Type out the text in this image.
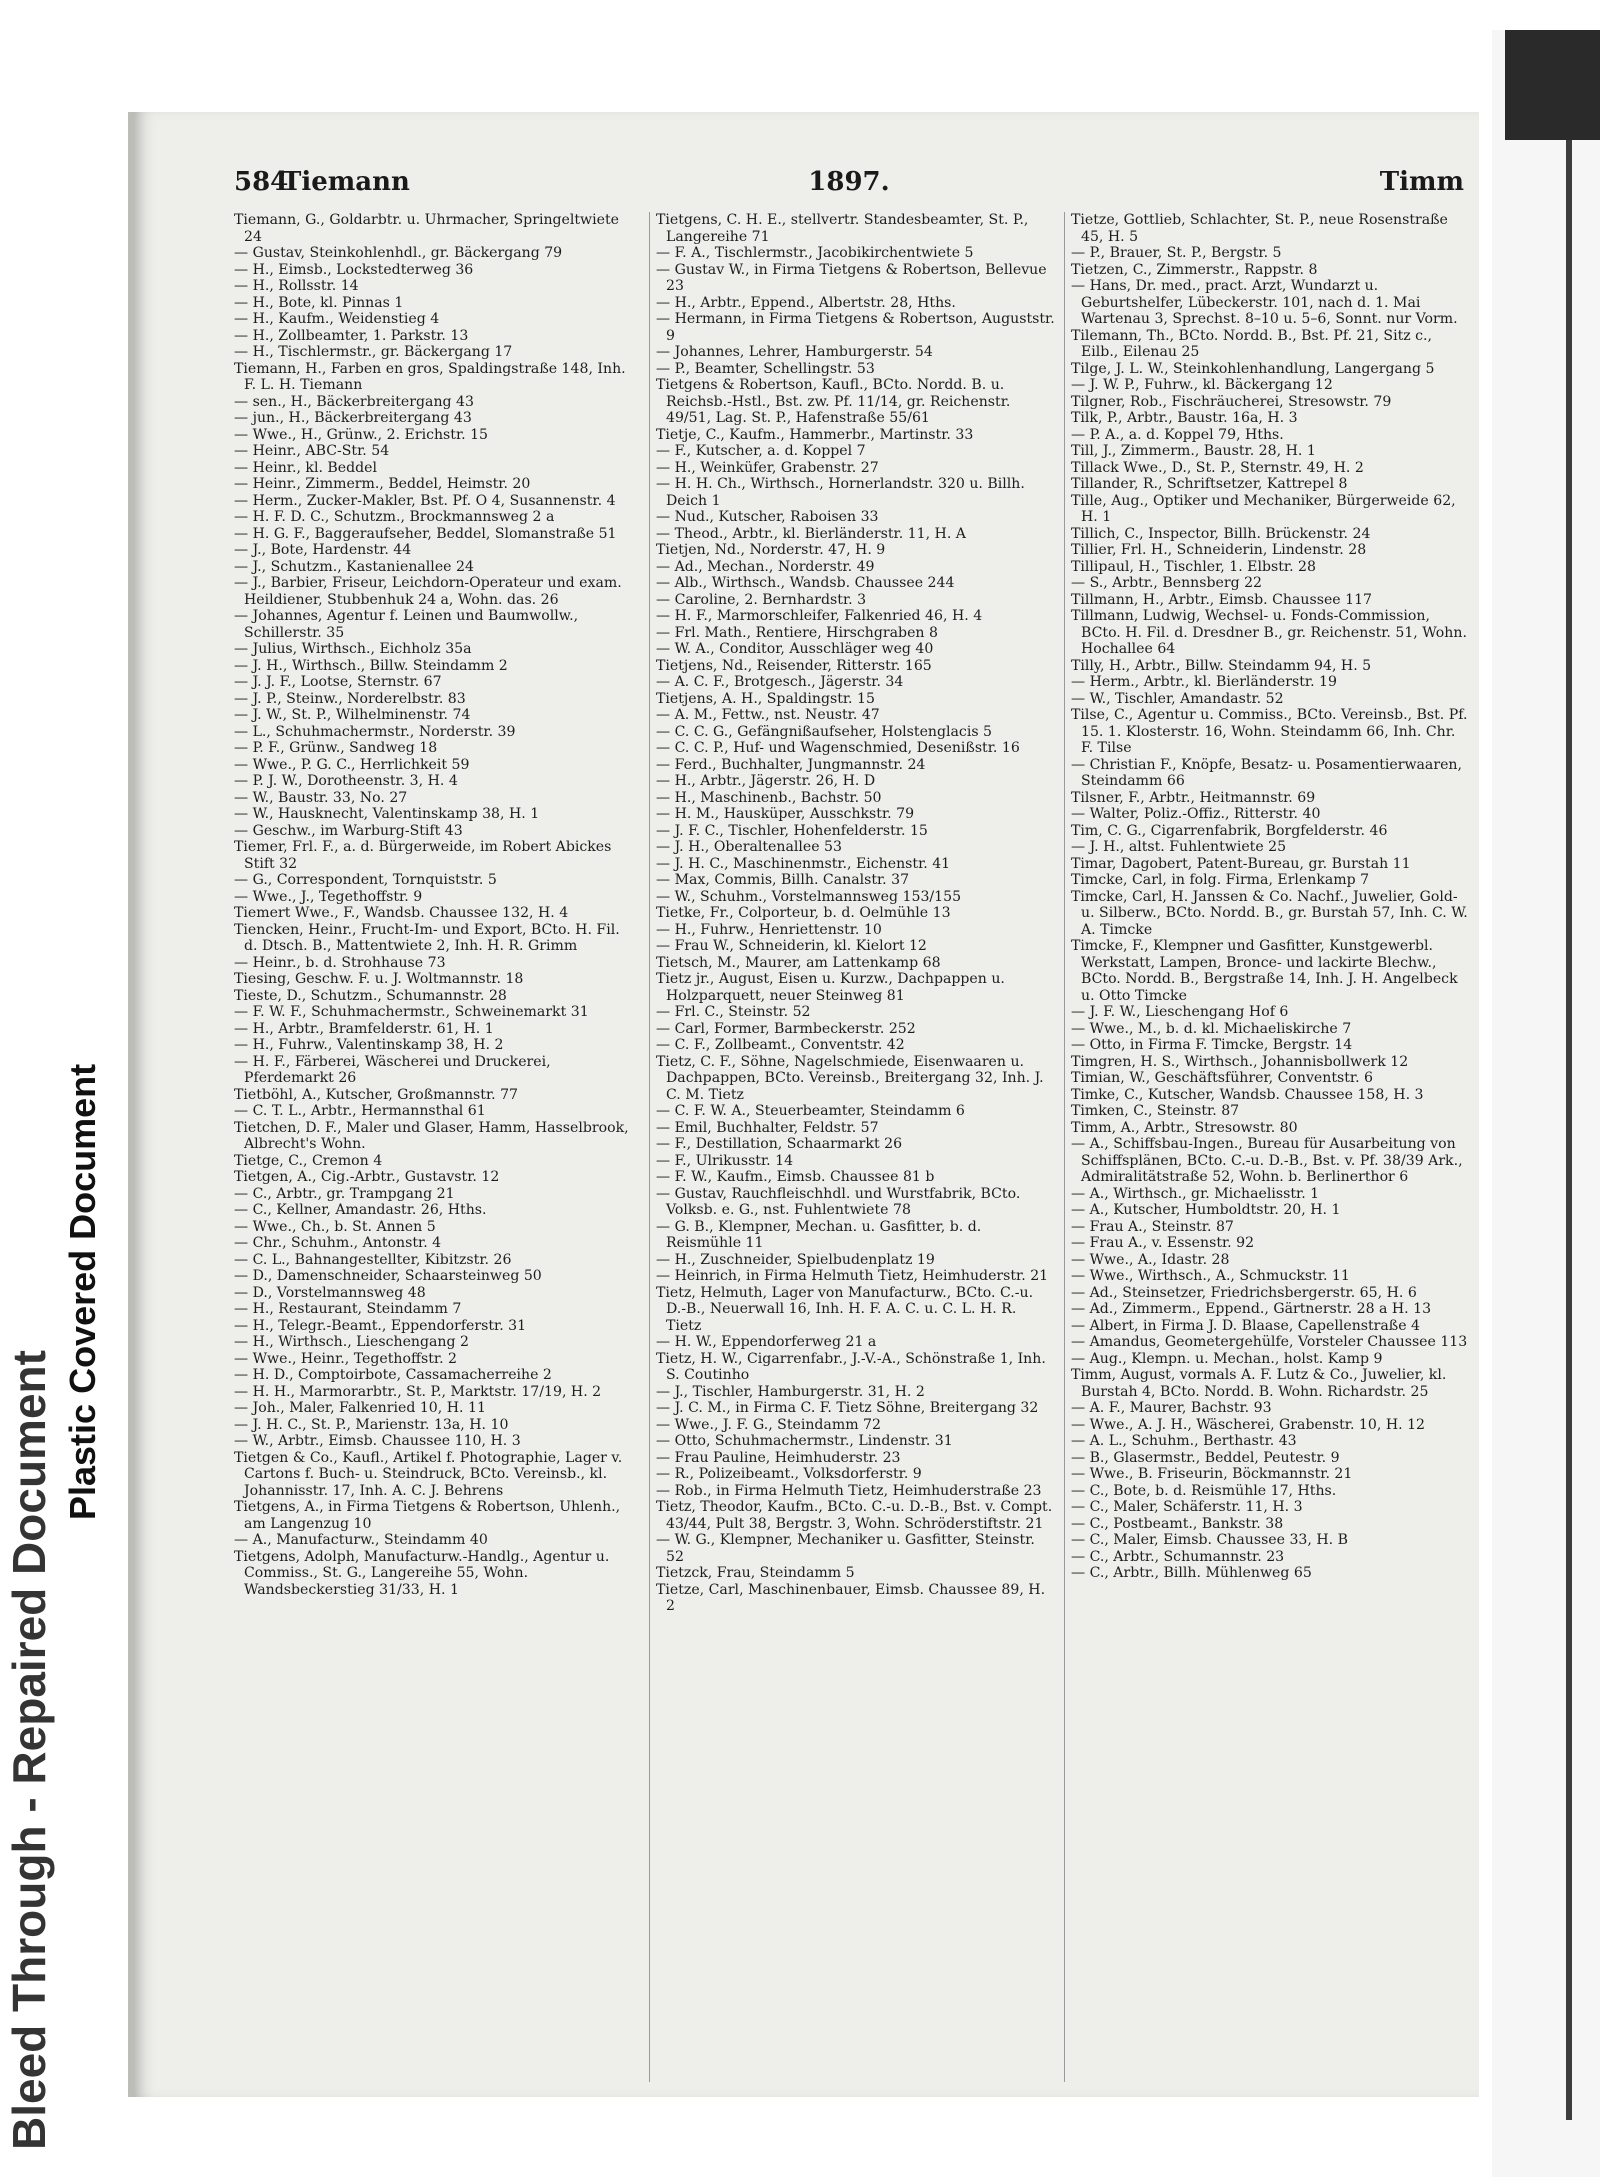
Bleed Through - Repaired Document
Plastic Covered Document
584
Tiemann	1897.	Timm

Tiemann, G., Goldarbtr. u. Uhrmacher, Springeltwiete 24

— Gustav, Steinkohlenhdl., gr. Bäckergang 79

— H., Eimsb., Lockstedterweg 36

— H., Rollsstr. 14

— H., Bote, kl. Pinnas 1

— H., Kaufm., Weidenstieg 4

— H., Zollbeamter, 1. Parkstr. 13

— H., Tischlermstr., gr. Bäckergang 17

Tiemann, H., Farben en gros, Spaldingstraße 148, Inh. F. L. H. Tiemann

— sen., H., Bäckerbreitergang 43

— jun., H., Bäckerbreitergang 43

— Wwe., H., Grünw., 2. Erichstr. 15

— Heinr., ABC-Str. 54

— Heinr., kl. Beddel

— Heinr., Zimmerm., Beddel, Heimstr. 20

— Herm., Zucker-Makler, Bst. Pf. O 4, Susannenstr. 4

— H. F. D. C., Schutzm., Brockmannsweg 2 a

— H. G. F., Baggeraufseher, Beddel, Slomanstraße 51

— J., Bote, Hardenstr. 44

— J., Schutzm., Kastanienallee 24

— J., Barbier, Friseur, Leichdorn-Operateur und exam. Heildiener, Stubbenhuk 24 a, Wohn. das. 26

— Johannes, Agentur f. Leinen und Baumwollw., Schillerstr. 35

— Julius, Wirthsch., Eichholz 35a

— J. H., Wirthsch., Billw. Steindamm 2

— J. J. F., Lootse, Sternstr. 67

— J. P., Steinw., Norderelbstr. 83

— J. W., St. P., Wilhelminenstr. 74

— L., Schuhmachermstr., Norderstr. 39

— P. F., Grünw., Sandweg 18

— Wwe., P. G. C., Herrlichkeit 59

— P. J. W., Dorotheenstr. 3, H. 4

— W., Baustr. 33, No. 27

— W., Hausknecht, Valentinskamp 38, H. 1

— Geschw., im Warburg-Stift 43

Tiemer, Frl. F., a. d. Bürgerweide, im Robert Abickes Stift 32

— G., Correspondent, Tornquiststr. 5

— Wwe., J., Tegethoffstr. 9

Tiemert Wwe., F., Wandsb. Chaussee 132, H. 4

Tiencken, Heinr., Frucht-Im- und Export, BCto. H. Fil. d. Dtsch. B., Mattentwiete 2, Inh. H. R. Grimm

— Heinr., b. d. Strohhause 73

Tiesing, Geschw. F. u. J. Woltmannstr. 18

Tieste, D., Schutzm., Schumannstr. 28

— F. W. F., Schuhmachermstr., Schweinemarkt 31

— H., Arbtr., Bramfelderstr. 61, H. 1

— H., Fuhrw., Valentinskamp 38, H. 2

— H. F., Färberei, Wäscherei und Druckerei, Pferdemarkt 26

Tietböhl, A., Kutscher, Großmannstr. 77

— C. T. L., Arbtr., Hermannsthal 61

Tietchen, D. F., Maler und Glaser, Hamm, Hasselbrook, Albrecht's Wohn.

Tietge, C., Cremon 4

Tietgen, A., Cig.-Arbtr., Gustavstr. 12

— C., Arbtr., gr. Trampgang 21

— C., Kellner, Amandastr. 26, Hths.

— Wwe., Ch., b. St. Annen 5

— Chr., Schuhm., Antonstr. 4

— C. L., Bahnangestellter, Kibitzstr. 26

— D., Damenschneider, Schaarsteinweg 50

— D., Vorstelmannsweg 48

— H., Restaurant, Steindamm 7

— H., Telegr.-Beamt., Eppendorferstr. 31

— H., Wirthsch., Lieschengang 2

— Wwe., Heinr., Tegethoffstr. 2

— H. D., Comptoirbote, Cassamacherreihe 2

— H. H., Marmorarbtr., St. P., Marktstr. 17/19, H. 2

— Joh., Maler, Falkenried 10, H. 11

— J. H. C., St. P., Marienstr. 13a, H. 10

— W., Arbtr., Eimsb. Chaussee 110, H. 3

Tietgen & Co., Kaufl., Artikel f. Photographie, Lager v. Cartons f. Buch- u. Steindruck, BCto. Vereinsb., kl. Johannisstr. 17, Inh. A. C. J. Behrens

Tietgens, A., in Firma Tietgens & Robertson, Uhlenh., am Langenzug 10

— A., Manufacturw., Steindamm 40

Tietgens, Adolph, Manufacturw.-Handlg., Agentur u. Commiss., St. G., Langereihe 55, Wohn. Wandsbeckerstieg 31/33, H. 1

Tietgens, C. H. E., stellvertr. Standesbeamter, St. P., Langereihe 71

— F. A., Tischlermstr., Jacobikirchentwiete 5

— Gustav W., in Firma Tietgens & Robertson, Bellevue 23

— H., Arbtr., Eppend., Albertstr. 28, Hths.

— Hermann, in Firma Tietgens & Robertson, Auguststr. 9

— Johannes, Lehrer, Hamburgerstr. 54

— P., Beamter, Schellingstr. 53

Tietgens & Robertson, Kaufl., BCto. Nordd. B. u. Reichsb.-Hstl., Bst. zw. Pf. 11/14, gr. Reichenstr. 49/51, Lag. St. P., Hafenstraße 55/61

Tietje, C., Kaufm., Hammerbr., Martinstr. 33

— F., Kutscher, a. d. Koppel 7

— H., Weinküfer, Grabenstr. 27

— H. H. Ch., Wirthsch., Hornerlandstr. 320 u. Billh. Deich 1

— Nud., Kutscher, Raboisen 33

— Theod., Arbtr., kl. Bierländerstr. 11, H. A

Tietjen, Nd., Norderstr. 47, H. 9

— Ad., Mechan., Norderstr. 49

— Alb., Wirthsch., Wandsb. Chaussee 244

— Caroline, 2. Bernhardstr. 3

— H. F., Marmorschleifer, Falkenried 46, H. 4

— Frl. Math., Rentiere, Hirschgraben 8

— W. A., Conditor, Ausschläger weg 40

Tietjens, Nd., Reisender, Ritterstr. 165

— A. C. F., Brotgesch., Jägerstr. 34

Tietjens, A. H., Spaldingstr. 15

— A. M., Fettw., nst. Neustr. 47

— C. C. G., Gefängnißaufseher, Holstenglacis 5

— C. C. P., Huf- und Wagenschmied, Desenißstr. 16

— Ferd., Buchhalter, Jungmannstr. 24

— H., Arbtr., Jägerstr. 26, H. D

— H., Maschinenb., Bachstr. 50

— H. M., Hausküper, Ausschkstr. 79

— J. F. C., Tischler, Hohenfelderstr. 15

— J. H., Oberaltenallee 53

— J. H. C., Maschinenmstr., Eichenstr. 41

— Max, Commis, Billh. Canalstr. 37

— W., Schuhm., Vorstelmannsweg 153/155

Tietke, Fr., Colporteur, b. d. Oelmühle 13

— H., Fuhrw., Henriettenstr. 10

— Frau W., Schneiderin, kl. Kielort 12

Tietsch, M., Maurer, am Lattenkamp 68

Tietz jr., August, Eisen u. Kurzw., Dachpappen u. Holzparquett, neuer Steinweg 81

— Frl. C., Steinstr. 52

— Carl, Former, Barmbeckerstr. 252

— C. F., Zollbeamt., Conventstr. 42

Tietz, C. F., Söhne, Nagelschmiede, Eisenwaaren u. Dachpappen, BCto. Vereinsb., Breitergang 32, Inh. J. C. M. Tietz

— C. F. W. A., Steuerbeamter, Steindamm 6

— Emil, Buchhalter, Feldstr. 57

— F., Destillation, Schaarmarkt 26

— F., Ulrikusstr. 14

— F. W., Kaufm., Eimsb. Chaussee 81 b

— Gustav, Rauchfleischhdl. und Wurstfabrik, BCto. Volksb. e. G., nst. Fuhlentwiete 78

— G. B., Klempner, Mechan. u. Gasfitter, b. d. Reismühle 11

— H., Zuschneider, Spielbudenplatz 19

— Heinrich, in Firma Helmuth Tietz, Heimhuderstr. 21

Tietz, Helmuth, Lager von Manufacturw., BCto. C.-u. D.-B., Neuerwall 16, Inh. H. F. A. C. u. C. L. H. R. Tietz

— H. W., Eppendorferweg 21 a

Tietz, H. W., Cigarrenfabr., J.-V.-A., Schönstraße 1, Inh. S. Coutinho

— J., Tischler, Hamburgerstr. 31, H. 2

— J. C. M., in Firma C. F. Tietz Söhne, Breitergang 32

— Wwe., J. F. G., Steindamm 72

— Otto, Schuhmachermstr., Lindenstr. 31

— Frau Pauline, Heimhuderstr. 23

— R., Polizeibeamt., Volksdorferstr. 9

— Rob., in Firma Helmuth Tietz, Heimhuderstraße 23

Tietz, Theodor, Kaufm., BCto. C.-u. D.-B., Bst. v. Compt. 43/44, Pult 38, Bergstr. 3, Wohn. Schröderstiftstr. 21

— W. G., Klempner, Mechaniker u. Gasfitter, Steinstr. 52

Tietzck, Frau, Steindamm 5

Tietze, Carl, Maschinenbauer, Eimsb. Chaussee 89, H. 2

Tietze, Gottlieb, Schlachter, St. P., neue Rosenstraße 45, H. 5

— P., Brauer, St. P., Bergstr. 5

Tietzen, C., Zimmerstr., Rappstr. 8

— Hans, Dr. med., pract. Arzt, Wundarzt u. Geburtshelfer, Lübeckerstr. 101, nach d. 1. Mai Wartenau 3, Sprechst. 8–10 u. 5–6, Sonnt. nur Vorm.

Tilemann, Th., BCto. Nordd. B., Bst. Pf. 21, Sitz c., Eilb., Eilenau 25

Tilge, J. L. W., Steinkohlenhandlung, Langergang 5

— J. W. P., Fuhrw., kl. Bäckergang 12

Tilgner, Rob., Fischräucherei, Stresowstr. 79

Tilk, P., Arbtr., Baustr. 16a, H. 3

— P. A., a. d. Koppel 79, Hths.

Till, J., Zimmerm., Baustr. 28, H. 1

Tillack Wwe., D., St. P., Sternstr. 49, H. 2

Tillander, R., Schriftsetzer, Kattrepel 8

Tille, Aug., Optiker und Mechaniker, Bürgerweide 62, H. 1

Tillich, C., Inspector, Billh. Brückenstr. 24

Tillier, Frl. H., Schneiderin, Lindenstr. 28

Tillipaul, H., Tischler, 1. Elbstr. 28

— S., Arbtr., Bennsberg 22

Tillmann, H., Arbtr., Eimsb. Chaussee 117

Tillmann, Ludwig, Wechsel- u. Fonds-Commission, BCto. H. Fil. d. Dresdner B., gr. Reichenstr. 51, Wohn. Hochallee 64

Tilly, H., Arbtr., Billw. Steindamm 94, H. 5

— Herm., Arbtr., kl. Bierländerstr. 19

— W., Tischler, Amandastr. 52

Tilse, C., Agentur u. Commiss., BCto. Vereinsb., Bst. Pf. 15. 1. Klosterstr. 16, Wohn. Steindamm 66, Inh. Chr. F. Tilse

— Christian F., Knöpfe, Besatz- u. Posamentierwaaren, Steindamm 66

Tilsner, F., Arbtr., Heitmannstr. 69

— Walter, Poliz.-Offiz., Ritterstr. 40

Tim, C. G., Cigarrenfabrik, Borgfelderstr. 46

— J. H., altst. Fuhlentwiete 25

Timar, Dagobert, Patent-Bureau, gr. Burstah 11

Timcke, Carl, in folg. Firma, Erlenkamp 7

Timcke, Carl, H. Janssen & Co. Nachf., Juwelier, Gold- u. Silberw., BCto. Nordd. B., gr. Burstah 57, Inh. C. W. A. Timcke

Timcke, F., Klempner und Gasfitter, Kunstgewerbl. Werkstatt, Lampen, Bronce- und lackirte Blechw., BCto. Nordd. B., Bergstraße 14, Inh. J. H. Angelbeck u. Otto Timcke

— J. F. W., Lieschengang Hof 6

— Wwe., M., b. d. kl. Michaeliskirche 7

— Otto, in Firma F. Timcke, Bergstr. 14

Timgren, H. S., Wirthsch., Johannisbollwerk 12

Timian, W., Geschäftsführer, Conventstr. 6

Timke, C., Kutscher, Wandsb. Chaussee 158, H. 3

Timken, C., Steinstr. 87

Timm, A., Arbtr., Stresowstr. 80

— A., Schiffsbau-Ingen., Bureau für Ausarbeitung von Schiffsplänen, BCto. C.-u. D.-B., Bst. v. Pf. 38/39 Ark., Admiralitätstraße 52, Wohn. b. Berlinerthor 6

— A., Wirthsch., gr. Michaelisstr. 1

— A., Kutscher, Humboldtstr. 20, H. 1

— Frau A., Steinstr. 87

— Frau A., v. Essenstr. 92

— Wwe., A., Idastr. 28

— Wwe., Wirthsch., A., Schmuckstr. 11

— Ad., Steinsetzer, Friedrichsbergerstr. 65, H. 6

— Ad., Zimmerm., Eppend., Gärtnerstr. 28 a H. 13

— Albert, in Firma J. D. Blaase, Capellenstraße 4

— Amandus, Geometergehülfe, Vorsteler Chaussee 113

— Aug., Klempn. u. Mechan., holst. Kamp 9

Timm, August, vormals A. F. Lutz & Co., Juwelier, kl. Burstah 4, BCto. Nordd. B. Wohn. Richardstr. 25

— A. F., Maurer, Bachstr. 93

— Wwe., A. J. H., Wäscherei, Grabenstr. 10, H. 12

— A. L., Schuhm., Berthastr. 43

— B., Glasermstr., Beddel, Peutestr. 9

— Wwe., B. Friseurin, Böckmannstr. 21

— C., Bote, b. d. Reismühle 17, Hths.

— C., Maler, Schäferstr. 11, H. 3

— C., Postbeamt., Bankstr. 38

— C., Maler, Eimsb. Chaussee 33, H. B

— C., Arbtr., Schumannstr. 23

— C., Arbtr., Billh. Mühlenweg 65
